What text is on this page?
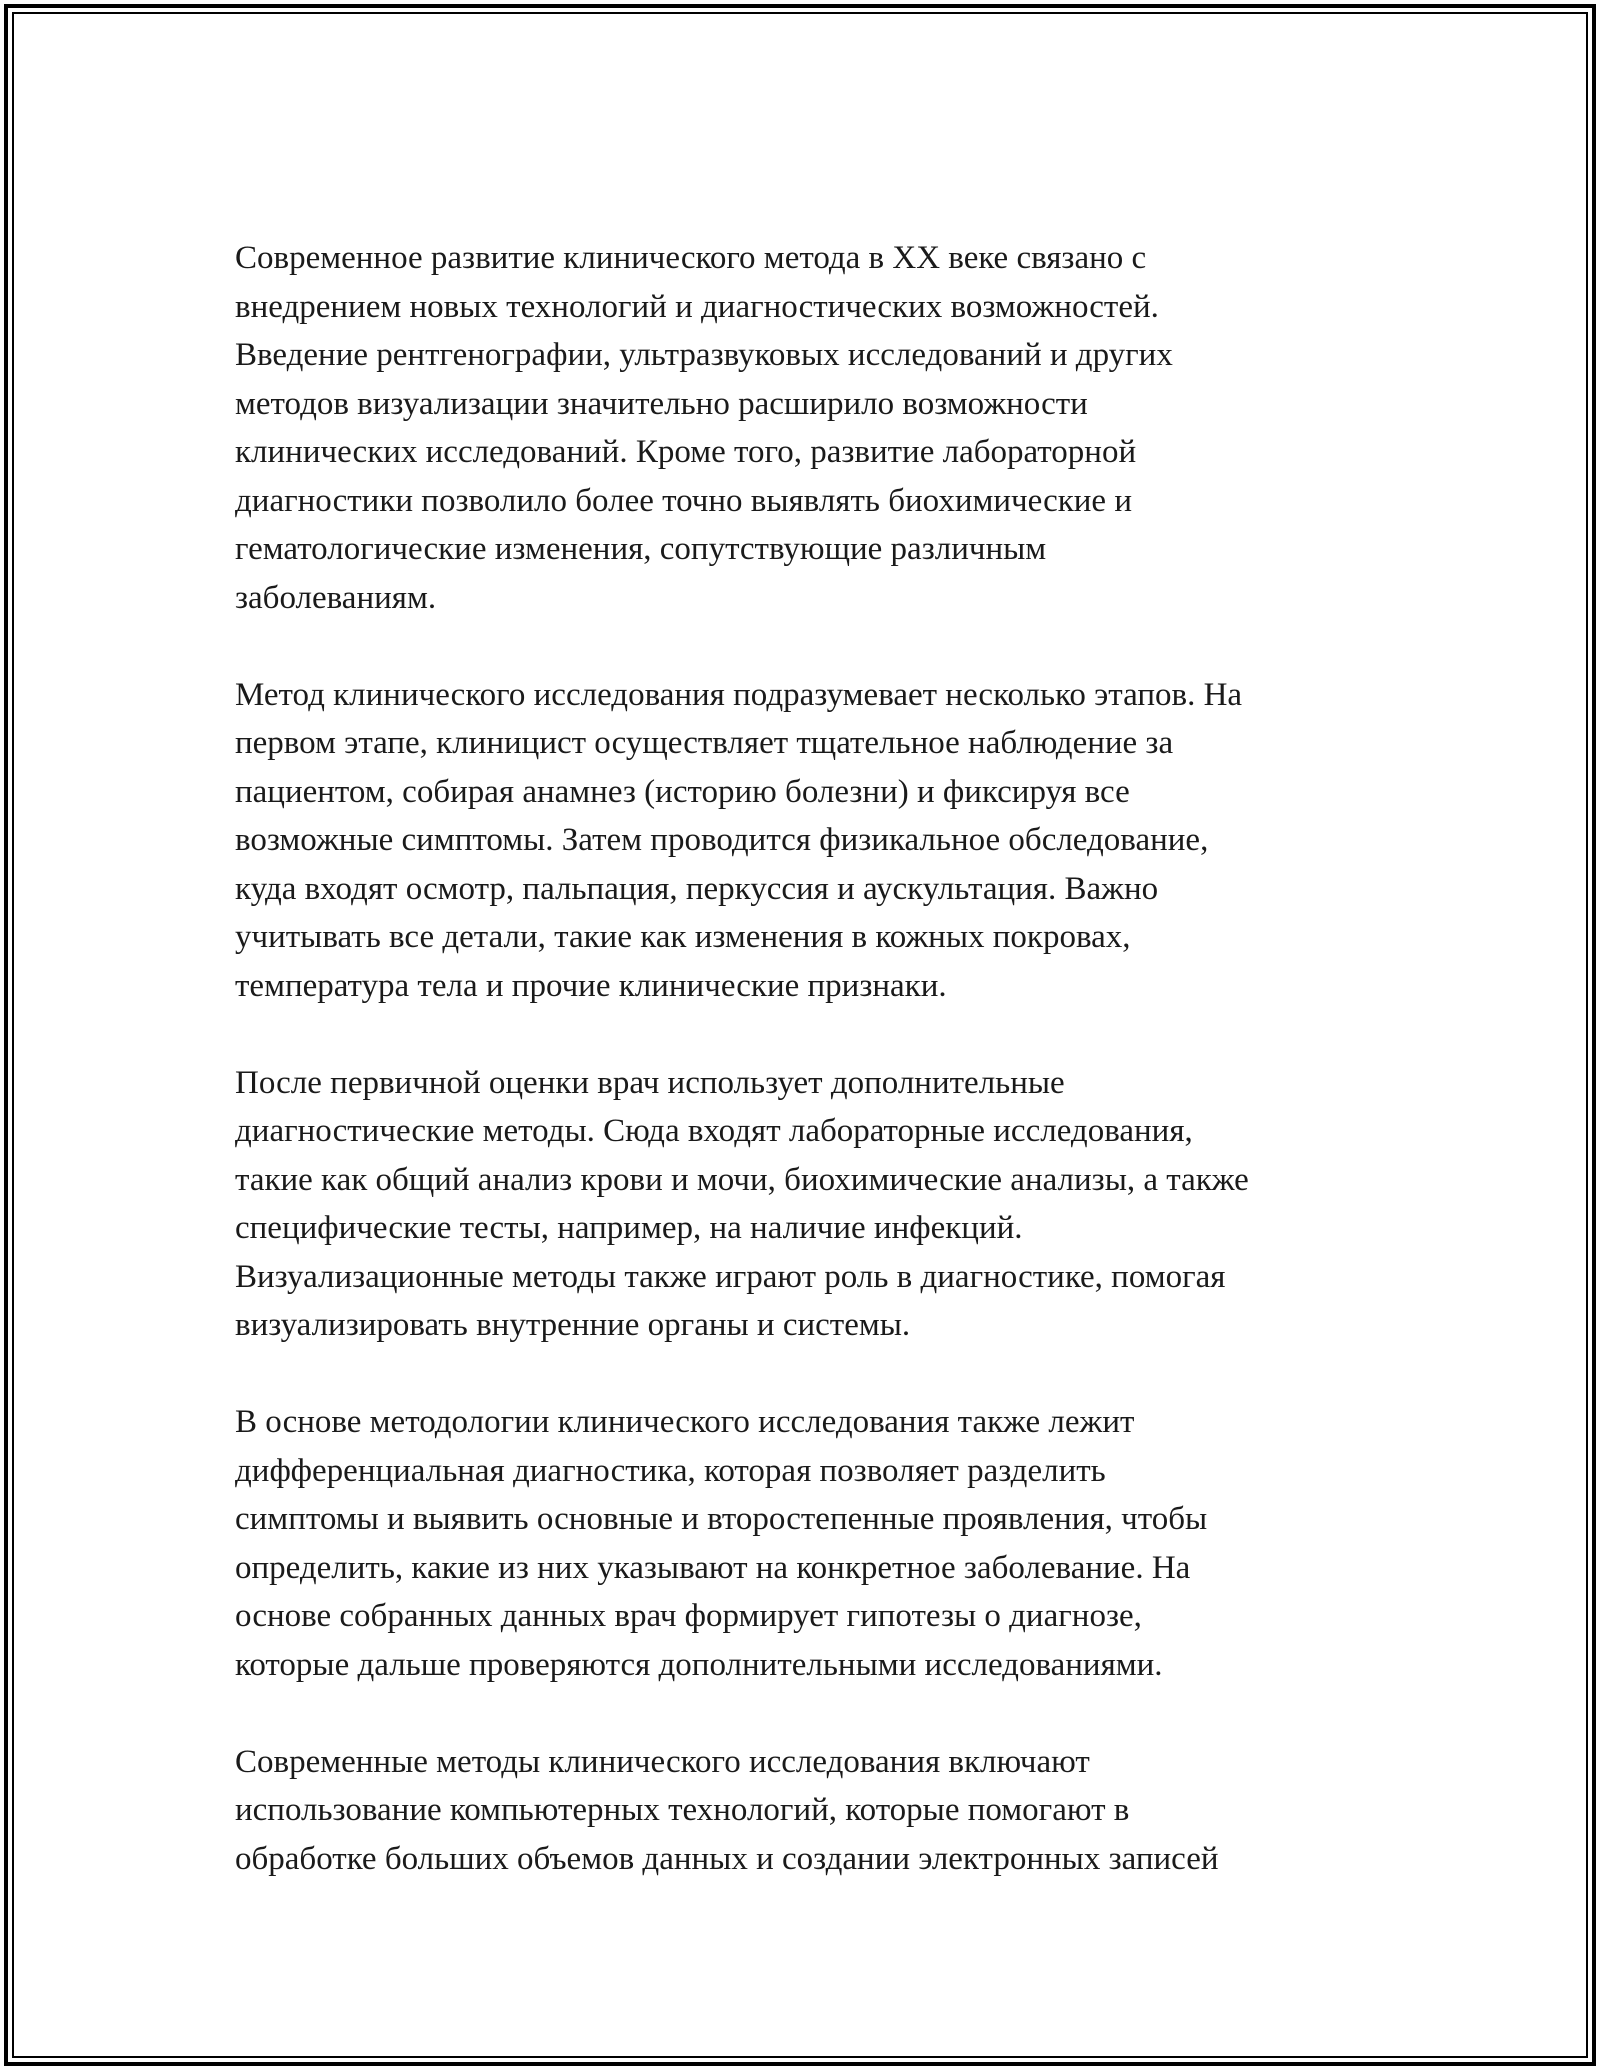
Современное развитие клинического метода в XX веке связано с
внедрением новых технологий и диагностических возможностей.
Введение рентгенографии, ультразвуковых исследований и других
методов визуализации значительно расширило возможности
клинических исследований. Кроме того, развитие лабораторной
диагностики позволило более точно выявлять биохимические и
гематологические изменения, сопутствующие различным
заболеваниям.

Метод клинического исследования подразумевает несколько этапов. На
первом этапе, клиницист осуществляет тщательное наблюдение за
пациентом, собирая анамнез (историю болезни) и фиксируя все
возможные симптомы. Затем проводится физикальное обследование,
куда входят осмотр, пальпация, перкуссия и аускультация. Важно
учитывать все детали, такие как изменения в кожных покровах,
температура тела и прочие клинические признаки.

После первичной оценки врач использует дополнительные
диагностические методы. Сюда входят лабораторные исследования,
такие как общий анализ крови и мочи, биохимические анализы, а также
специфические тесты, например, на наличие инфекций.
Визуализационные методы также играют роль в диагностике, помогая
визуализировать внутренние органы и системы.

В основе методологии клинического исследования также лежит
дифференциальная диагностика, которая позволяет разделить
симптомы и выявить основные и второстепенные проявления, чтобы
определить, какие из них указывают на конкретное заболевание. На
основе собранных данных врач формирует гипотезы о диагнозе,
которые дальше проверяются дополнительными исследованиями.

Современные методы клинического исследования включают
использование компьютерных технологий, которые помогают в
обработке больших объемов данных и создании электронных записей
